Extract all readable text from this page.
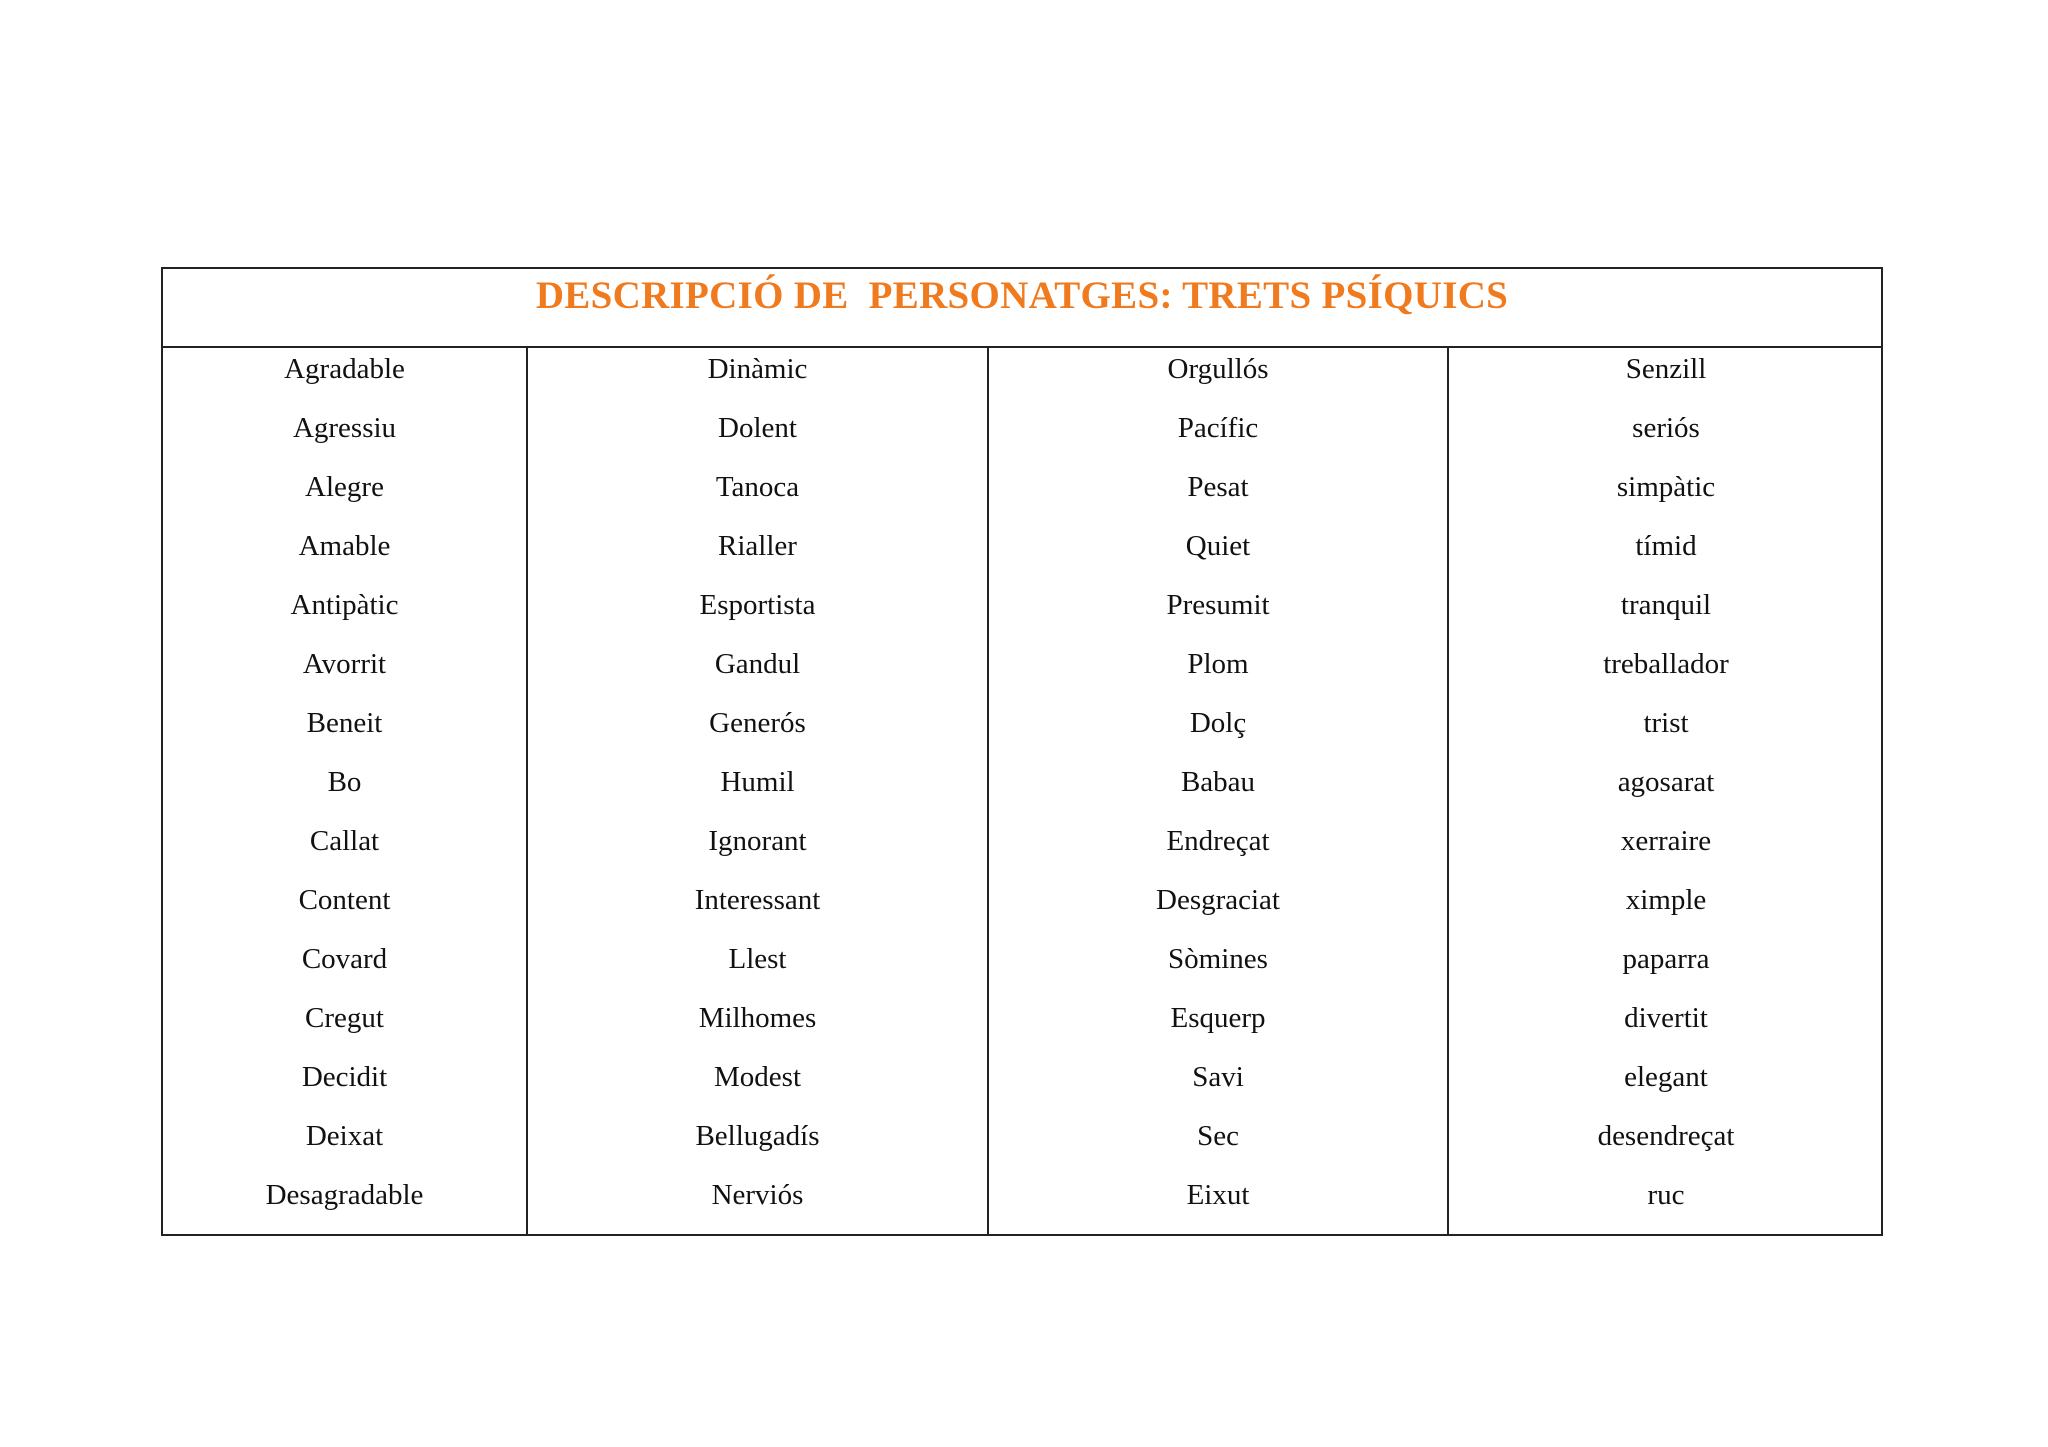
DESCRIPCIÓ DE  PERSONATGES: TRETS PSÍQUICS
Agradable
Agressiu
Alegre
Amable
Antipàtic
Avorrit
Beneit
Bo
Callat
Content
Covard
Cregut
Decidit
Deixat
Desagradable
Dinàmic
Dolent
Tanoca
Rialler
Esportista
Gandul
Generós
Humil
Ignorant
Interessant
Llest
Milhomes
Modest
Bellugadís
Nerviós
Orgullós
Pacífic
Pesat
Quiet
Presumit
Plom
Dolç
Babau
Endreçat
Desgraciat
Sòmines
Esquerp
Savi
Sec
Eixut
Senzill
seriós
simpàtic
tímid
tranquil
treballador
trist
agosarat
xerraire
ximple
paparra
divertit
elegant
desendreçat
ruc
